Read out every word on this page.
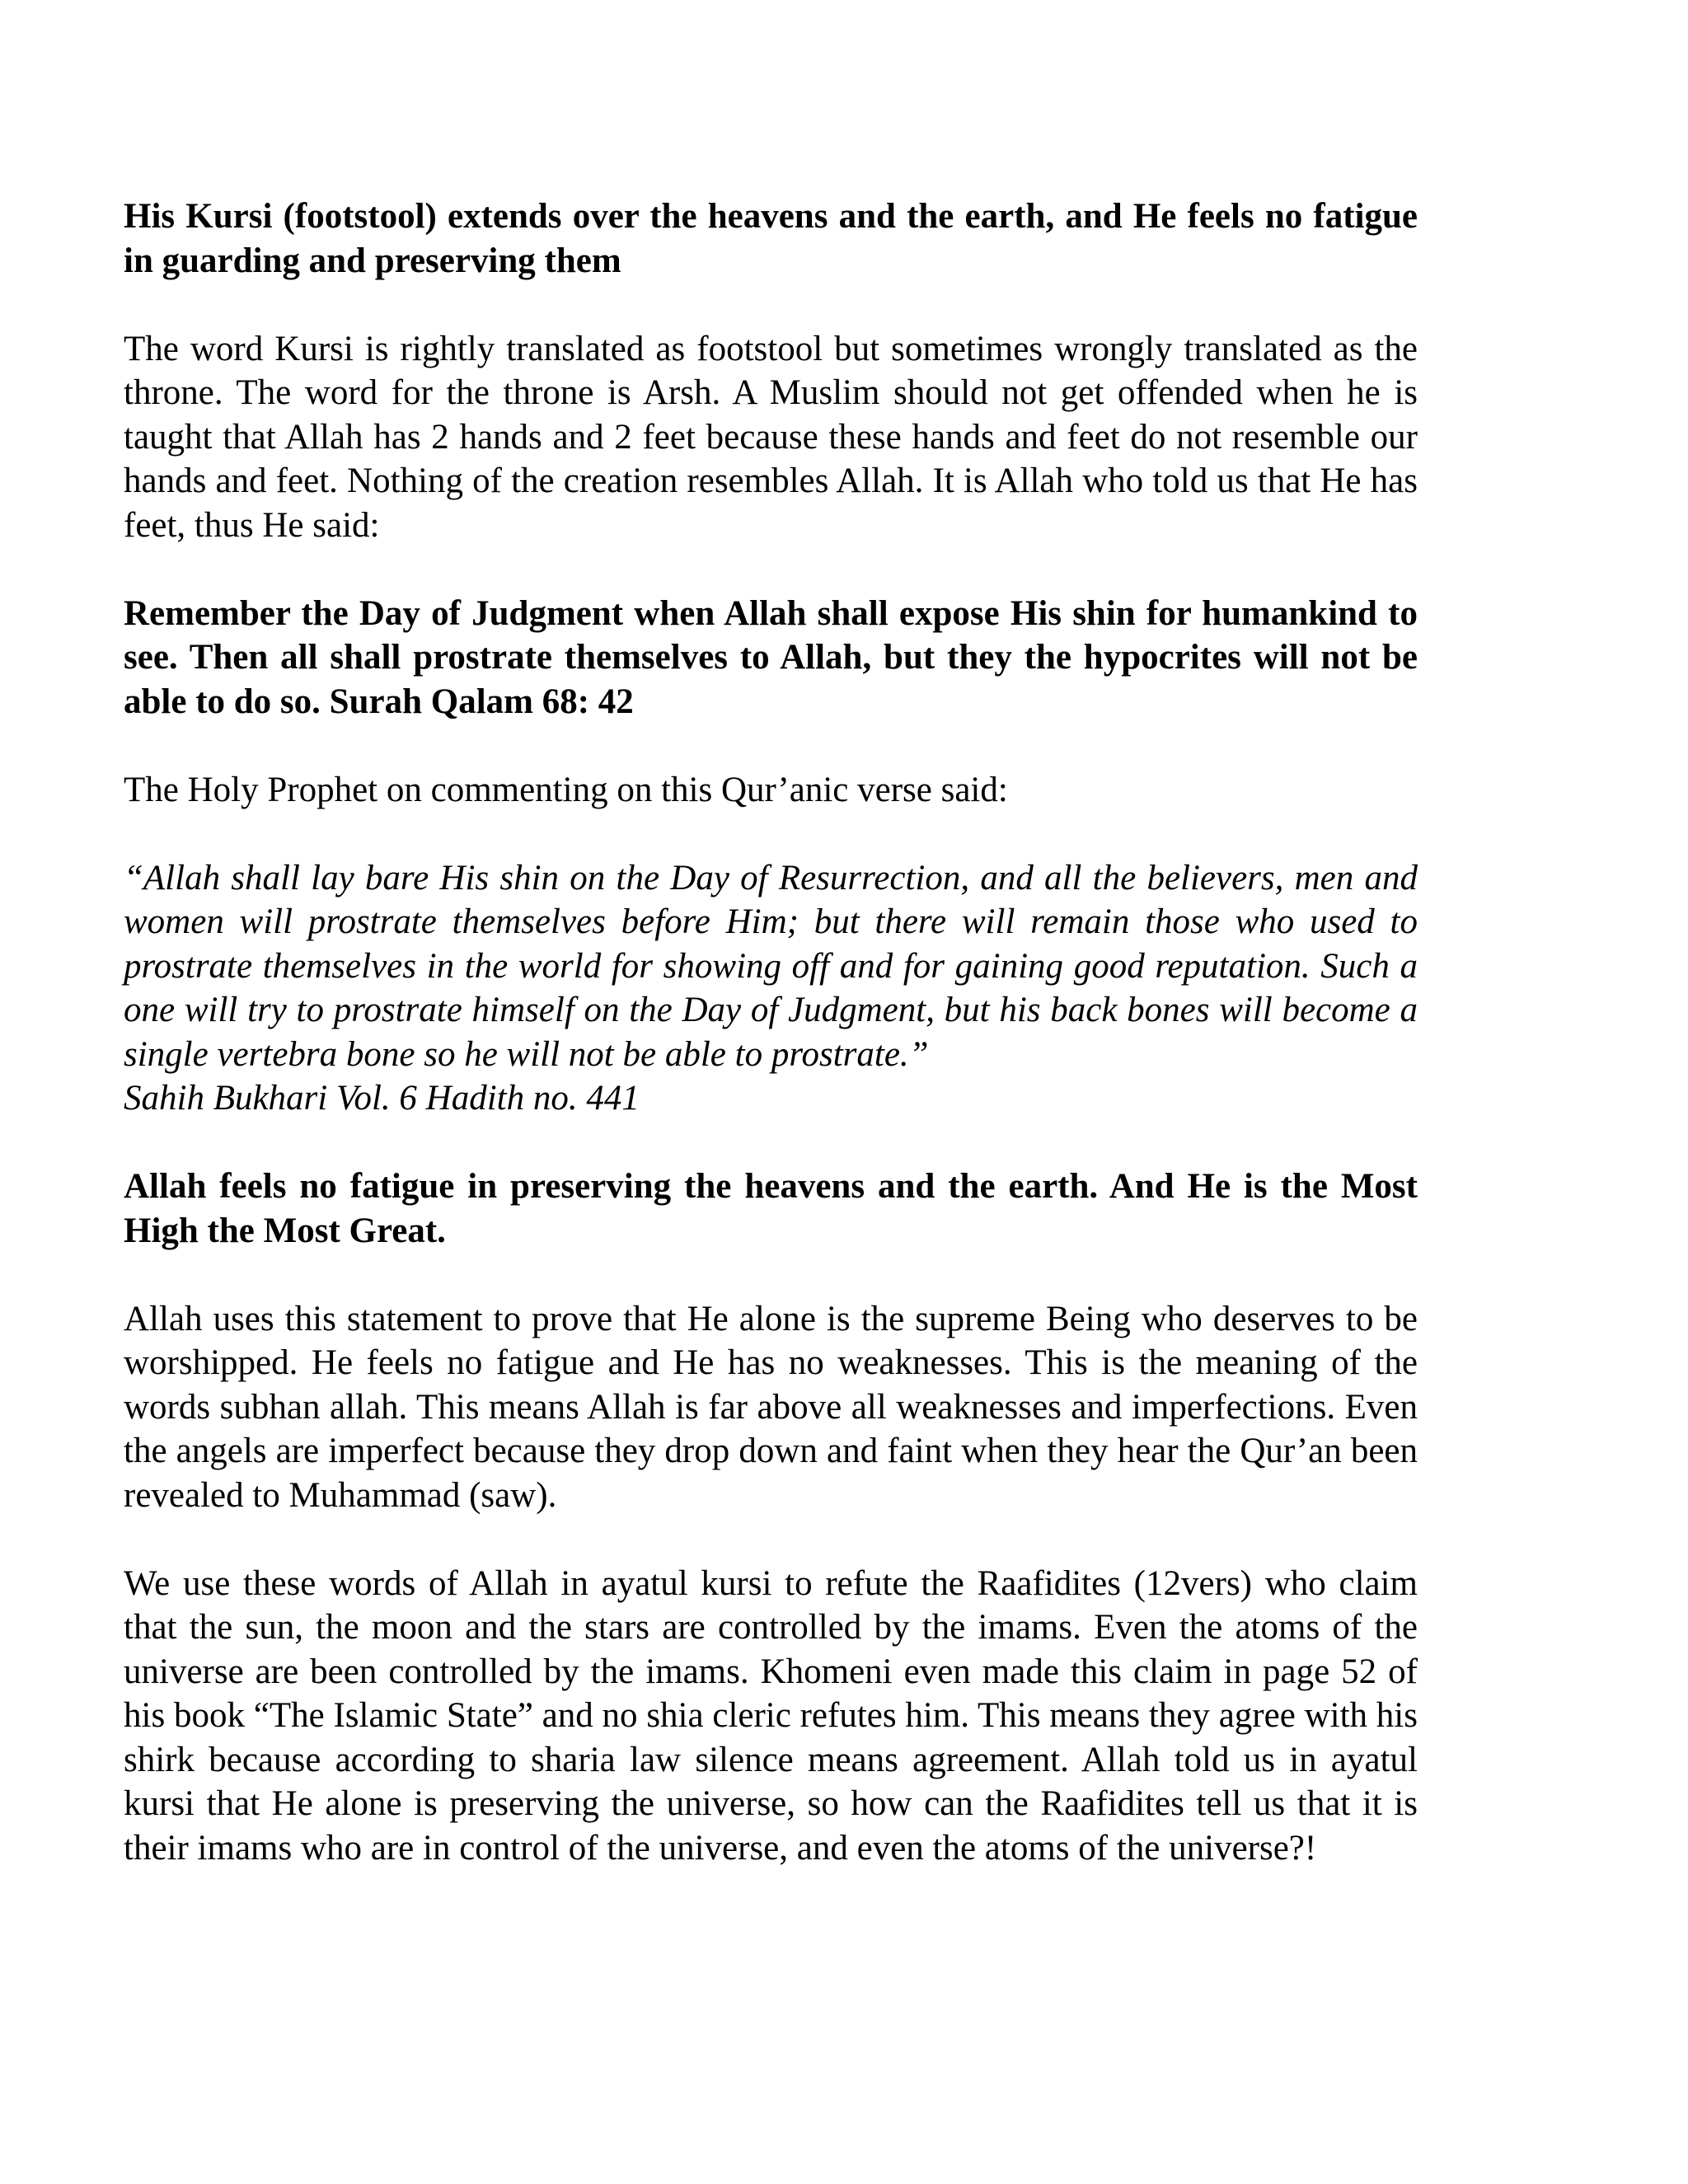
His Kursi (footstool) extends over the heavens and the earth, and He feels no fatigue in guarding and preserving them

The word Kursi is rightly translated as footstool but sometimes wrongly translated as the throne. The word for the throne is Arsh. A Muslim should not get offended when he is taught that Allah has 2 hands and 2 feet because these hands and feet do not resemble our hands and feet. Nothing of the creation resembles Allah. It is Allah who told us that He has feet, thus He said:

Remember the Day of Judgment when Allah shall expose His shin for humankind to see. Then all shall prostrate themselves to Allah, but they the hypocrites will not be able to do so. Surah Qalam 68: 42

The Holy Prophet on commenting on this Qur’anic verse said:

“Allah shall lay bare His shin on the Day of Resurrection, and all the believers, men and women will prostrate themselves before Him; but there will remain those who used to prostrate themselves in the world for showing off and for gaining good reputation. Such a one will try to prostrate himself on the Day of Judgment, but his back bones will become a single vertebra bone so he will not be able to prostrate.”
Sahih Bukhari Vol. 6 Hadith no. 441

Allah feels no fatigue in preserving the heavens and the earth. And He is the Most High the Most Great.

Allah uses this statement to prove that He alone is the supreme Being who deserves to be worshipped. He feels no fatigue and He has no weaknesses. This is the meaning of the words subhan allah. This means Allah is far above all weaknesses and imperfections. Even the angels are imperfect because they drop down and faint when they hear the Qur’an been revealed to Muhammad (saw).

We use these words of Allah in ayatul kursi to refute the Raafidites (12vers) who claim that the sun, the moon and the stars are controlled by the imams. Even the atoms of the universe are been controlled by the imams. Khomeni even made this claim in page 52 of his book “The Islamic State” and no shia cleric refutes him. This means they agree with his shirk because according to sharia law silence means agreement. Allah told us in ayatul kursi that He alone is preserving the universe, so how can the Raafidites tell us that it is their imams who are in control of the universe, and even the atoms of the universe?!
